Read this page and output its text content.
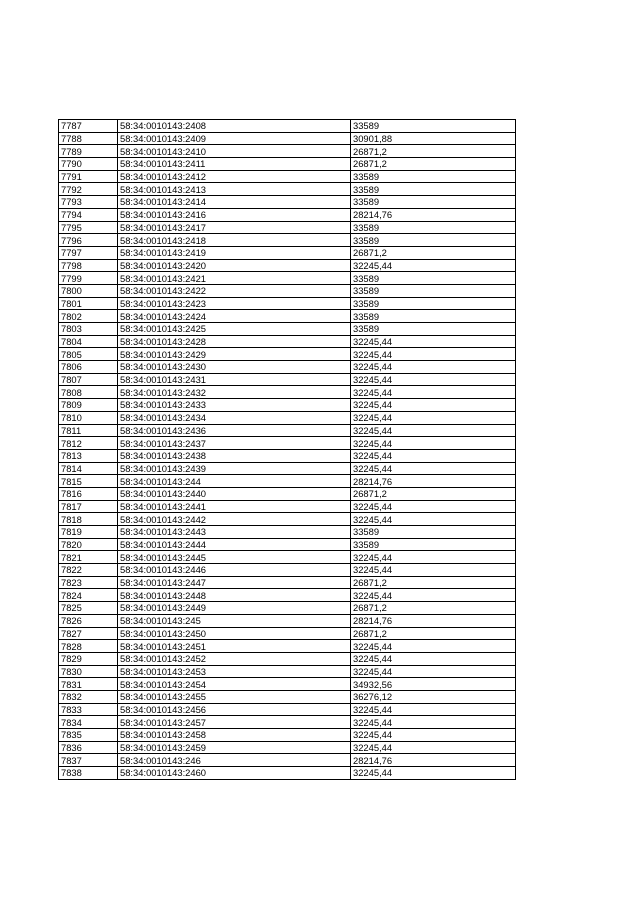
7787	58:34:0010143:2408	33589
7788	58:34:0010143:2409	30901,88
7789	58:34:0010143:2410	26871,2
7790	58:34:0010143:2411	26871,2
7791	58:34:0010143:2412	33589
7792	58:34:0010143:2413	33589
7793	58:34:0010143:2414	33589
7794	58:34:0010143:2416	28214,76
7795	58:34:0010143:2417	33589
7796	58:34:0010143:2418	33589
7797	58:34:0010143:2419	26871,2
7798	58:34:0010143:2420	32245,44
7799	58:34:0010143:2421	33589
7800	58:34:0010143:2422	33589
7801	58:34:0010143:2423	33589
7802	58:34:0010143:2424	33589
7803	58:34:0010143:2425	33589
7804	58:34:0010143:2428	32245,44
7805	58:34:0010143:2429	32245,44
7806	58:34:0010143:2430	32245,44
7807	58:34:0010143:2431	32245,44
7808	58:34:0010143:2432	32245,44
7809	58:34:0010143:2433	32245,44
7810	58:34:0010143:2434	32245,44
7811	58:34:0010143:2436	32245,44
7812	58:34:0010143:2437	32245,44
7813	58:34:0010143:2438	32245,44
7814	58:34:0010143:2439	32245,44
7815	58:34:0010143:244	28214,76
7816	58:34:0010143:2440	26871,2
7817	58:34:0010143:2441	32245,44
7818	58:34:0010143:2442	32245,44
7819	58:34:0010143:2443	33589
7820	58:34:0010143:2444	33589
7821	58:34:0010143:2445	32245,44
7822	58:34:0010143:2446	32245,44
7823	58:34:0010143:2447	26871,2
7824	58:34:0010143:2448	32245,44
7825	58:34:0010143:2449	26871,2
7826	58:34:0010143:245	28214,76
7827	58:34:0010143:2450	26871,2
7828	58:34:0010143:2451	32245,44
7829	58:34:0010143:2452	32245,44
7830	58:34:0010143:2453	32245,44
7831	58:34:0010143:2454	34932,56
7832	58:34:0010143:2455	36276,12
7833	58:34:0010143:2456	32245,44
7834	58:34:0010143:2457	32245,44
7835	58:34:0010143:2458	32245,44
7836	58:34:0010143:2459	32245,44
7837	58:34:0010143:246	28214,76
7838	58:34:0010143:2460	32245,44
